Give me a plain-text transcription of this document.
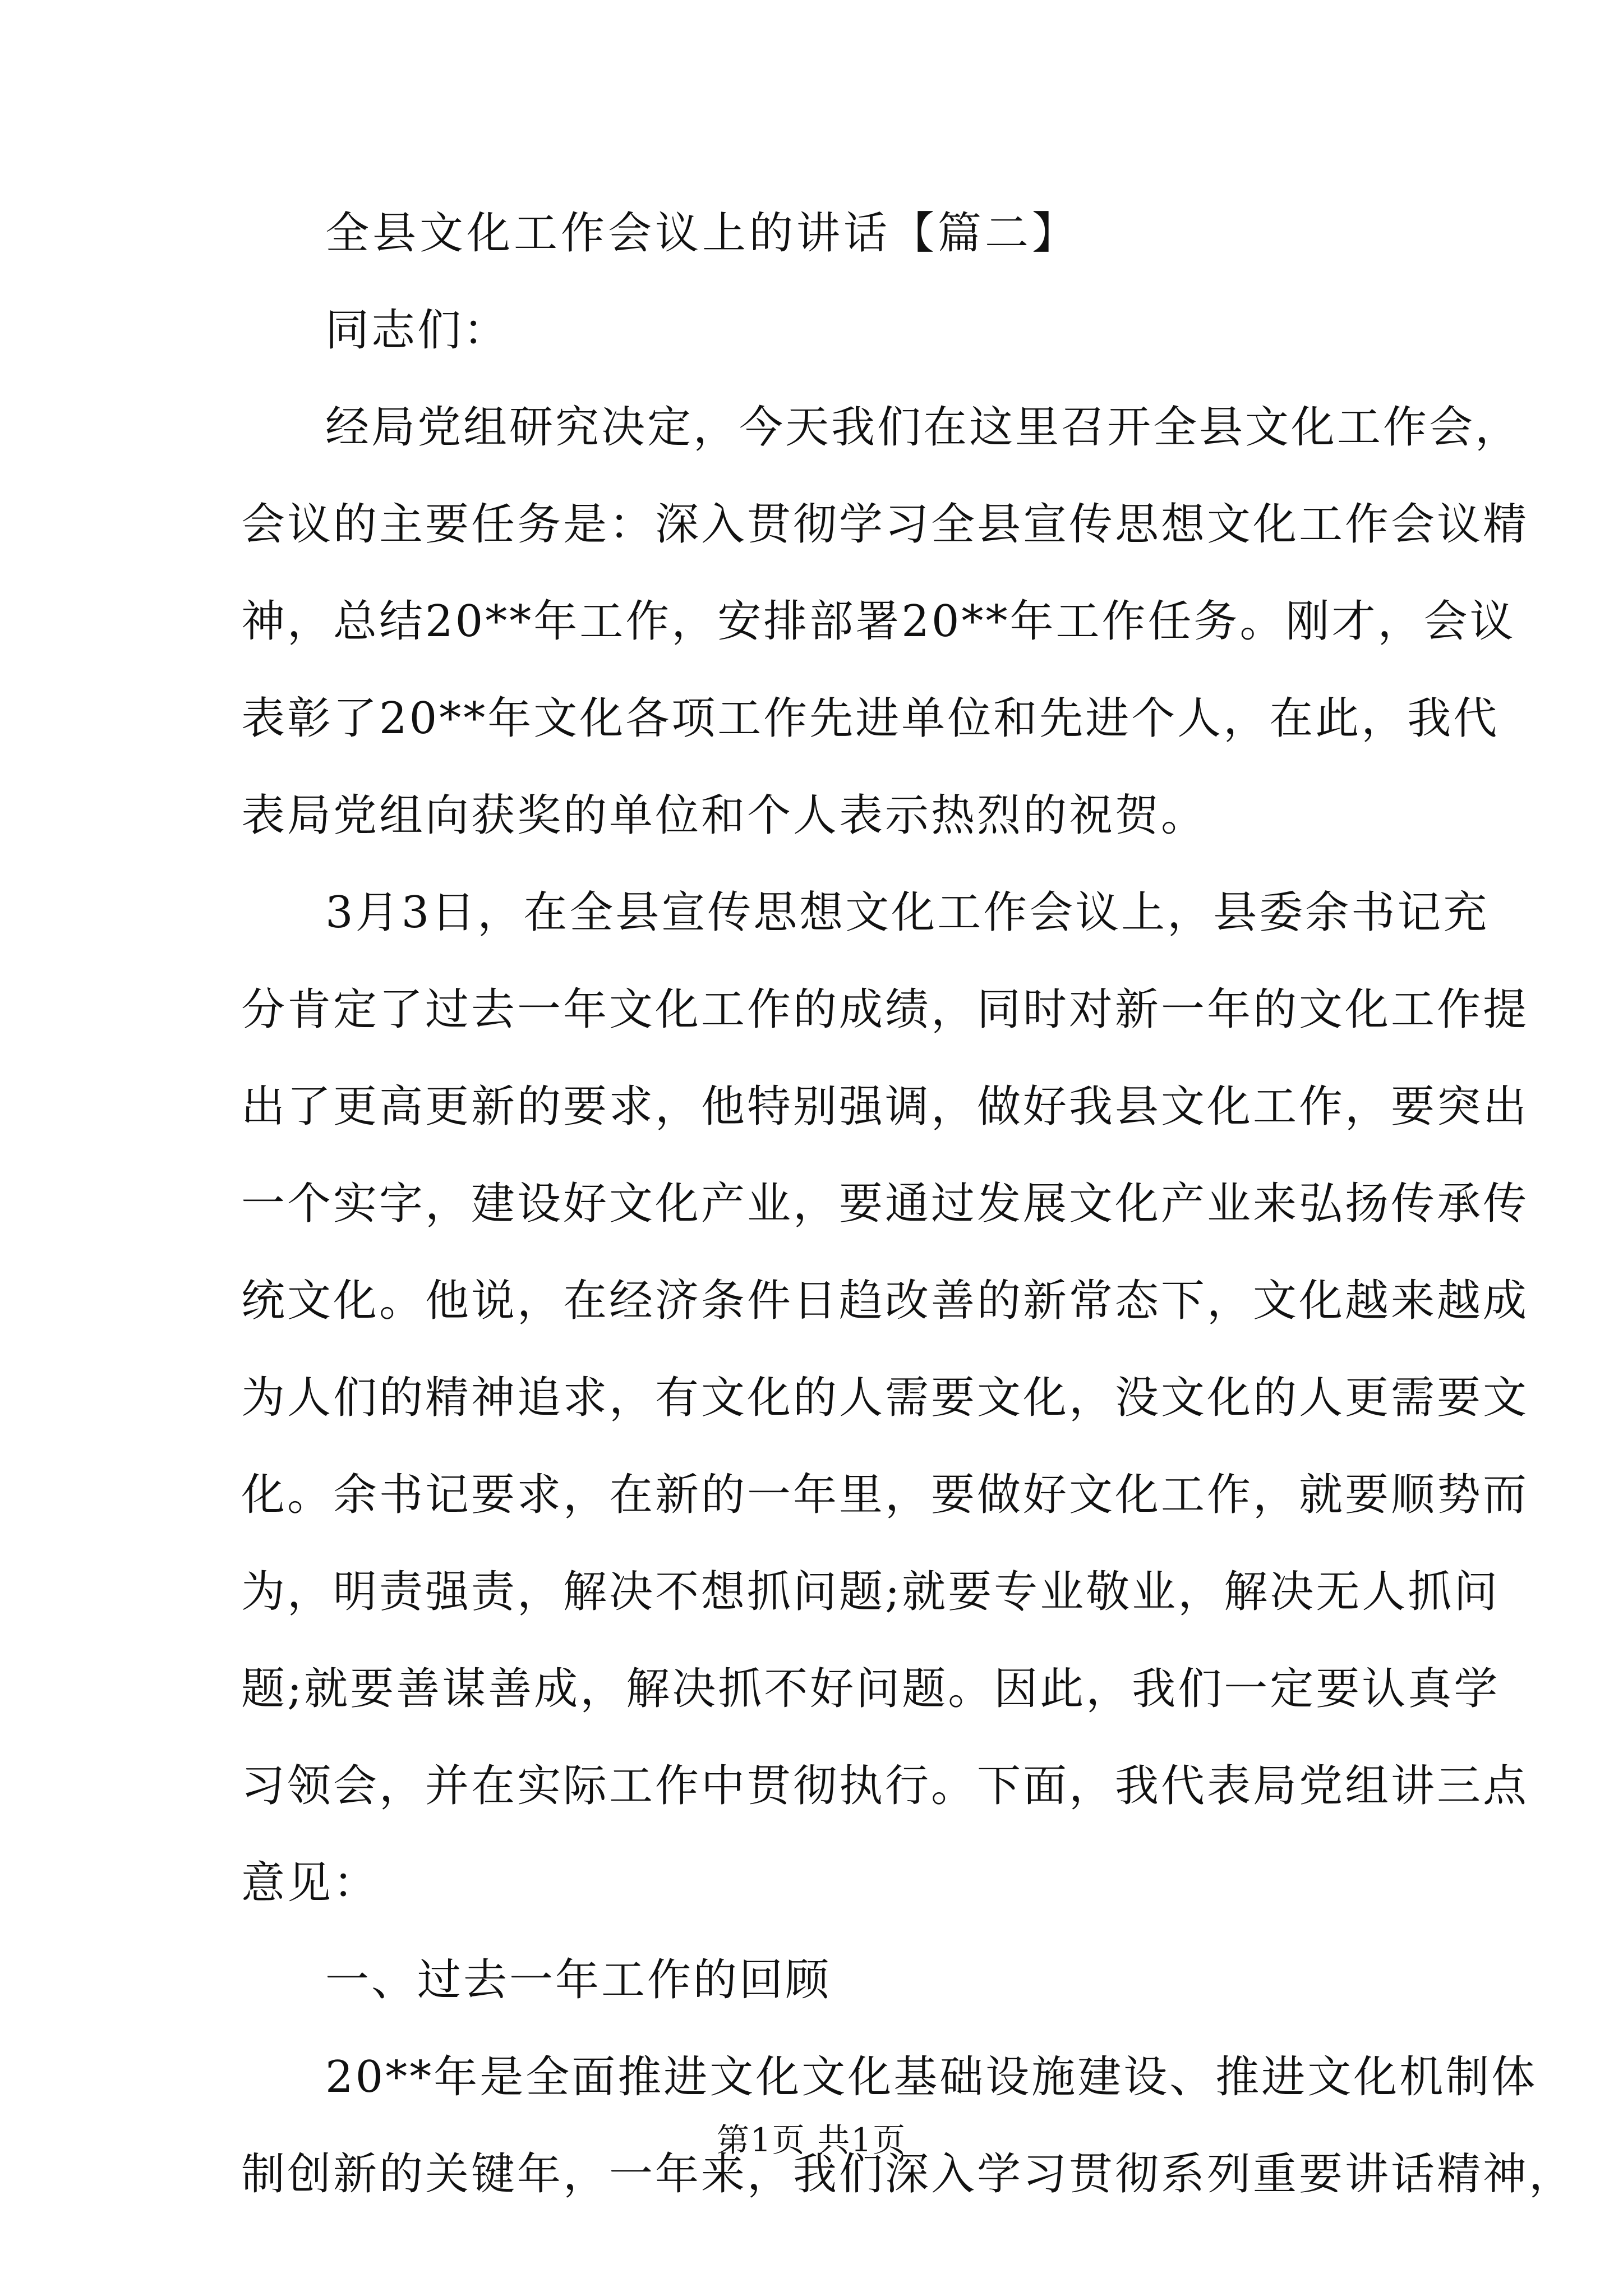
全县文化工作会议上的讲话【篇二】
同志们：
经局党组研究决定，今天我们在这里召开全县文化工作会，
会议的主要任务是：深入贯彻学习全县宣传思想文化工作会议精
神，总结20**年工作，安排部署20**年工作任务。刚才，会议
表彰了20**年文化各项工作先进单位和先进个人，在此，我代
表局党组向获奖的单位和个人表示热烈的祝贺。
3月3日，在全县宣传思想文化工作会议上，县委余书记充
分肯定了过去一年文化工作的成绩，同时对新一年的文化工作提
出了更高更新的要求，他特别强调，做好我县文化工作，要突出
一个实字，建设好文化产业，要通过发展文化产业来弘扬传承传
统文化。他说，在经济条件日趋改善的新常态下，文化越来越成
为人们的精神追求，有文化的人需要文化，没文化的人更需要文
化。余书记要求，在新的一年里，要做好文化工作，就要顺势而
为，明责强责，解决不想抓问题;就要专业敬业，解决无人抓问
题;就要善谋善成，解决抓不好问题。因此，我们一定要认真学
习领会，并在实际工作中贯彻执行。下面，我代表局党组讲三点
意见：
一、过去一年工作的回顾
20**年是全面推进文化文化基础设施建设、推进文化机制体
制创新的关键年，一年来，我们深入学习贯彻系列重要讲话精神，
第1页 共1页
